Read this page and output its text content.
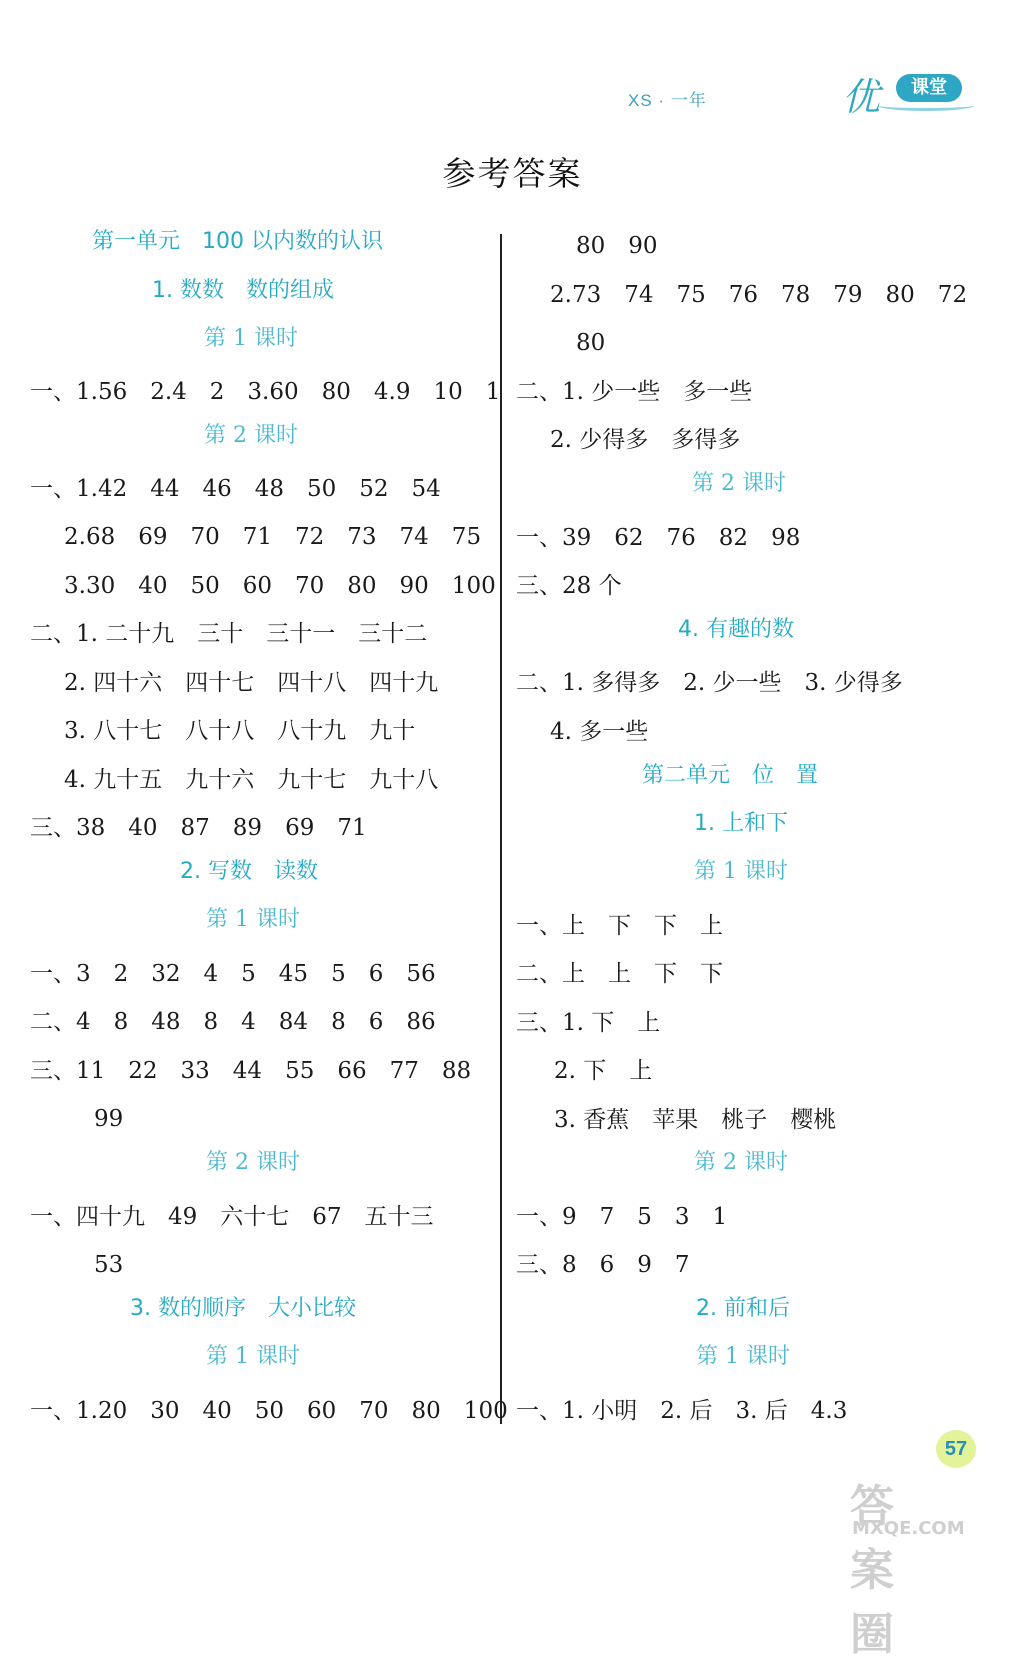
XS · 一年	优	课堂
参考答案
第一单元　100 以内数的认识
1. 数数　数的组成
第 1 课时
一、1.56　2.4　2　3.60　80　4.9　10　1
第 2 课时
一、1.42　44　46　48　50　52　54
2.68　69　70　71　72　73　74　75
3.30　40　50　60　70　80　90　100
二、1. 二十九　三十　三十一　三十二
2. 四十六　四十七　四十八　四十九
3. 八十七　八十八　八十九　九十
4. 九十五　九十六　九十七　九十八
三、38　40　87　89　69　71
2. 写数　读数
第 1 课时
一、3　2　32　4　5　45　5　6　56
二、4　8　48　8　4　84　8　6　86
三、11　22　33　44　55　66　77　88
99
第 2 课时
一、四十九　49　六十七　67　五十三
53
3. 数的顺序　大小比较
第 1 课时
一、1.20　30　40　50　60　70　80　100
80　90
2.73　74　75　76　78　79　80　72
80
二、1. 少一些　多一些
2. 少得多　多得多
第 2 课时
一、39　62　76　82　98
三、28 个
4. 有趣的数
二、1. 多得多　2. 少一些　3. 少得多
4. 多一些
第二单元　位　置
1. 上和下
第 1 课时
一、上　下　下　上
二、上　上　下　下
三、1. 下　上
2. 下　上
3. 香蕉　苹果　桃子　樱桃
第 2 课时
一、9　7　5　3　1
三、8　6　9　7
2. 前和后
第 1 课时
一、1. 小明　2. 后　3. 后　4.3
57
答案圈
MXQE.COM
